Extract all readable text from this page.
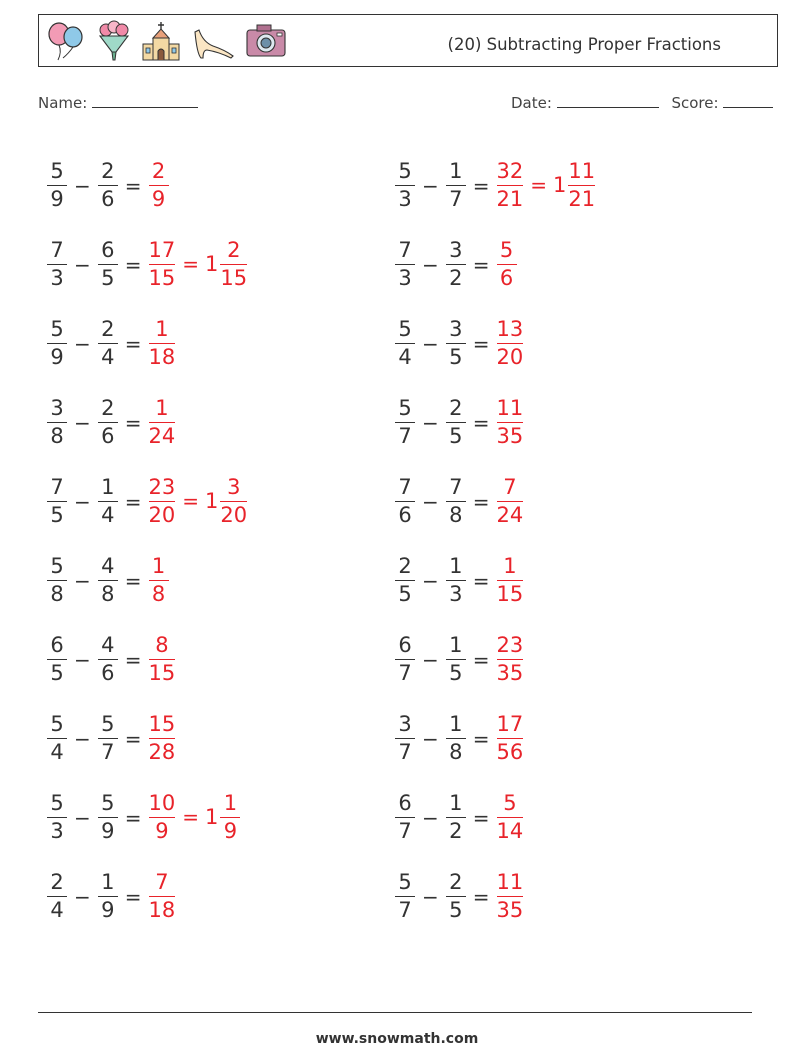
(20) Subtracting Proper Fractions
Name:	Date:	Score:
$\frac{5}{9} - \frac{2}{6} = \frac{2}{9}$
$\frac{7}{3} - \frac{6}{5} = \frac{17}{15} = 1 \frac{2}{15}$
$\frac{5}{9} - \frac{2}{4} = \frac{1}{18}$
$\frac{3}{8} - \frac{2}{6} = \frac{1}{24}$
$\frac{7}{5} - \frac{1}{4} = \frac{23}{20} = 1 \frac{3}{20}$
$\frac{5}{8} - \frac{4}{8} = \frac{1}{8}$
$\frac{6}{5} - \frac{4}{6} = \frac{8}{15}$
$\frac{5}{4} - \frac{5}{7} = \frac{15}{28}$
$\frac{5}{3} - \frac{5}{9} = \frac{10}{9} = 1 \frac{1}{9}$
$\frac{2}{4} - \frac{1}{9} = \frac{7}{18}$
$\frac{5}{3} - \frac{1}{7} = \frac{32}{21} = 1 \frac{11}{21}$
$\frac{7}{3} - \frac{3}{2} = \frac{5}{6}$
$\frac{5}{4} - \frac{3}{5} = \frac{13}{20}$
$\frac{5}{7} - \frac{2}{5} = \frac{11}{35}$
$\frac{7}{6} - \frac{7}{8} = \frac{7}{24}$
$\frac{2}{5} - \frac{1}{3} = \frac{1}{15}$
$\frac{6}{7} - \frac{1}{5} = \frac{23}{35}$
$\frac{3}{7} - \frac{1}{8} = \frac{17}{56}$
$\frac{6}{7} - \frac{1}{2} = \frac{5}{14}$
$\frac{5}{7} - \frac{2}{5} = \frac{11}{35}$
www.snowmath.com
